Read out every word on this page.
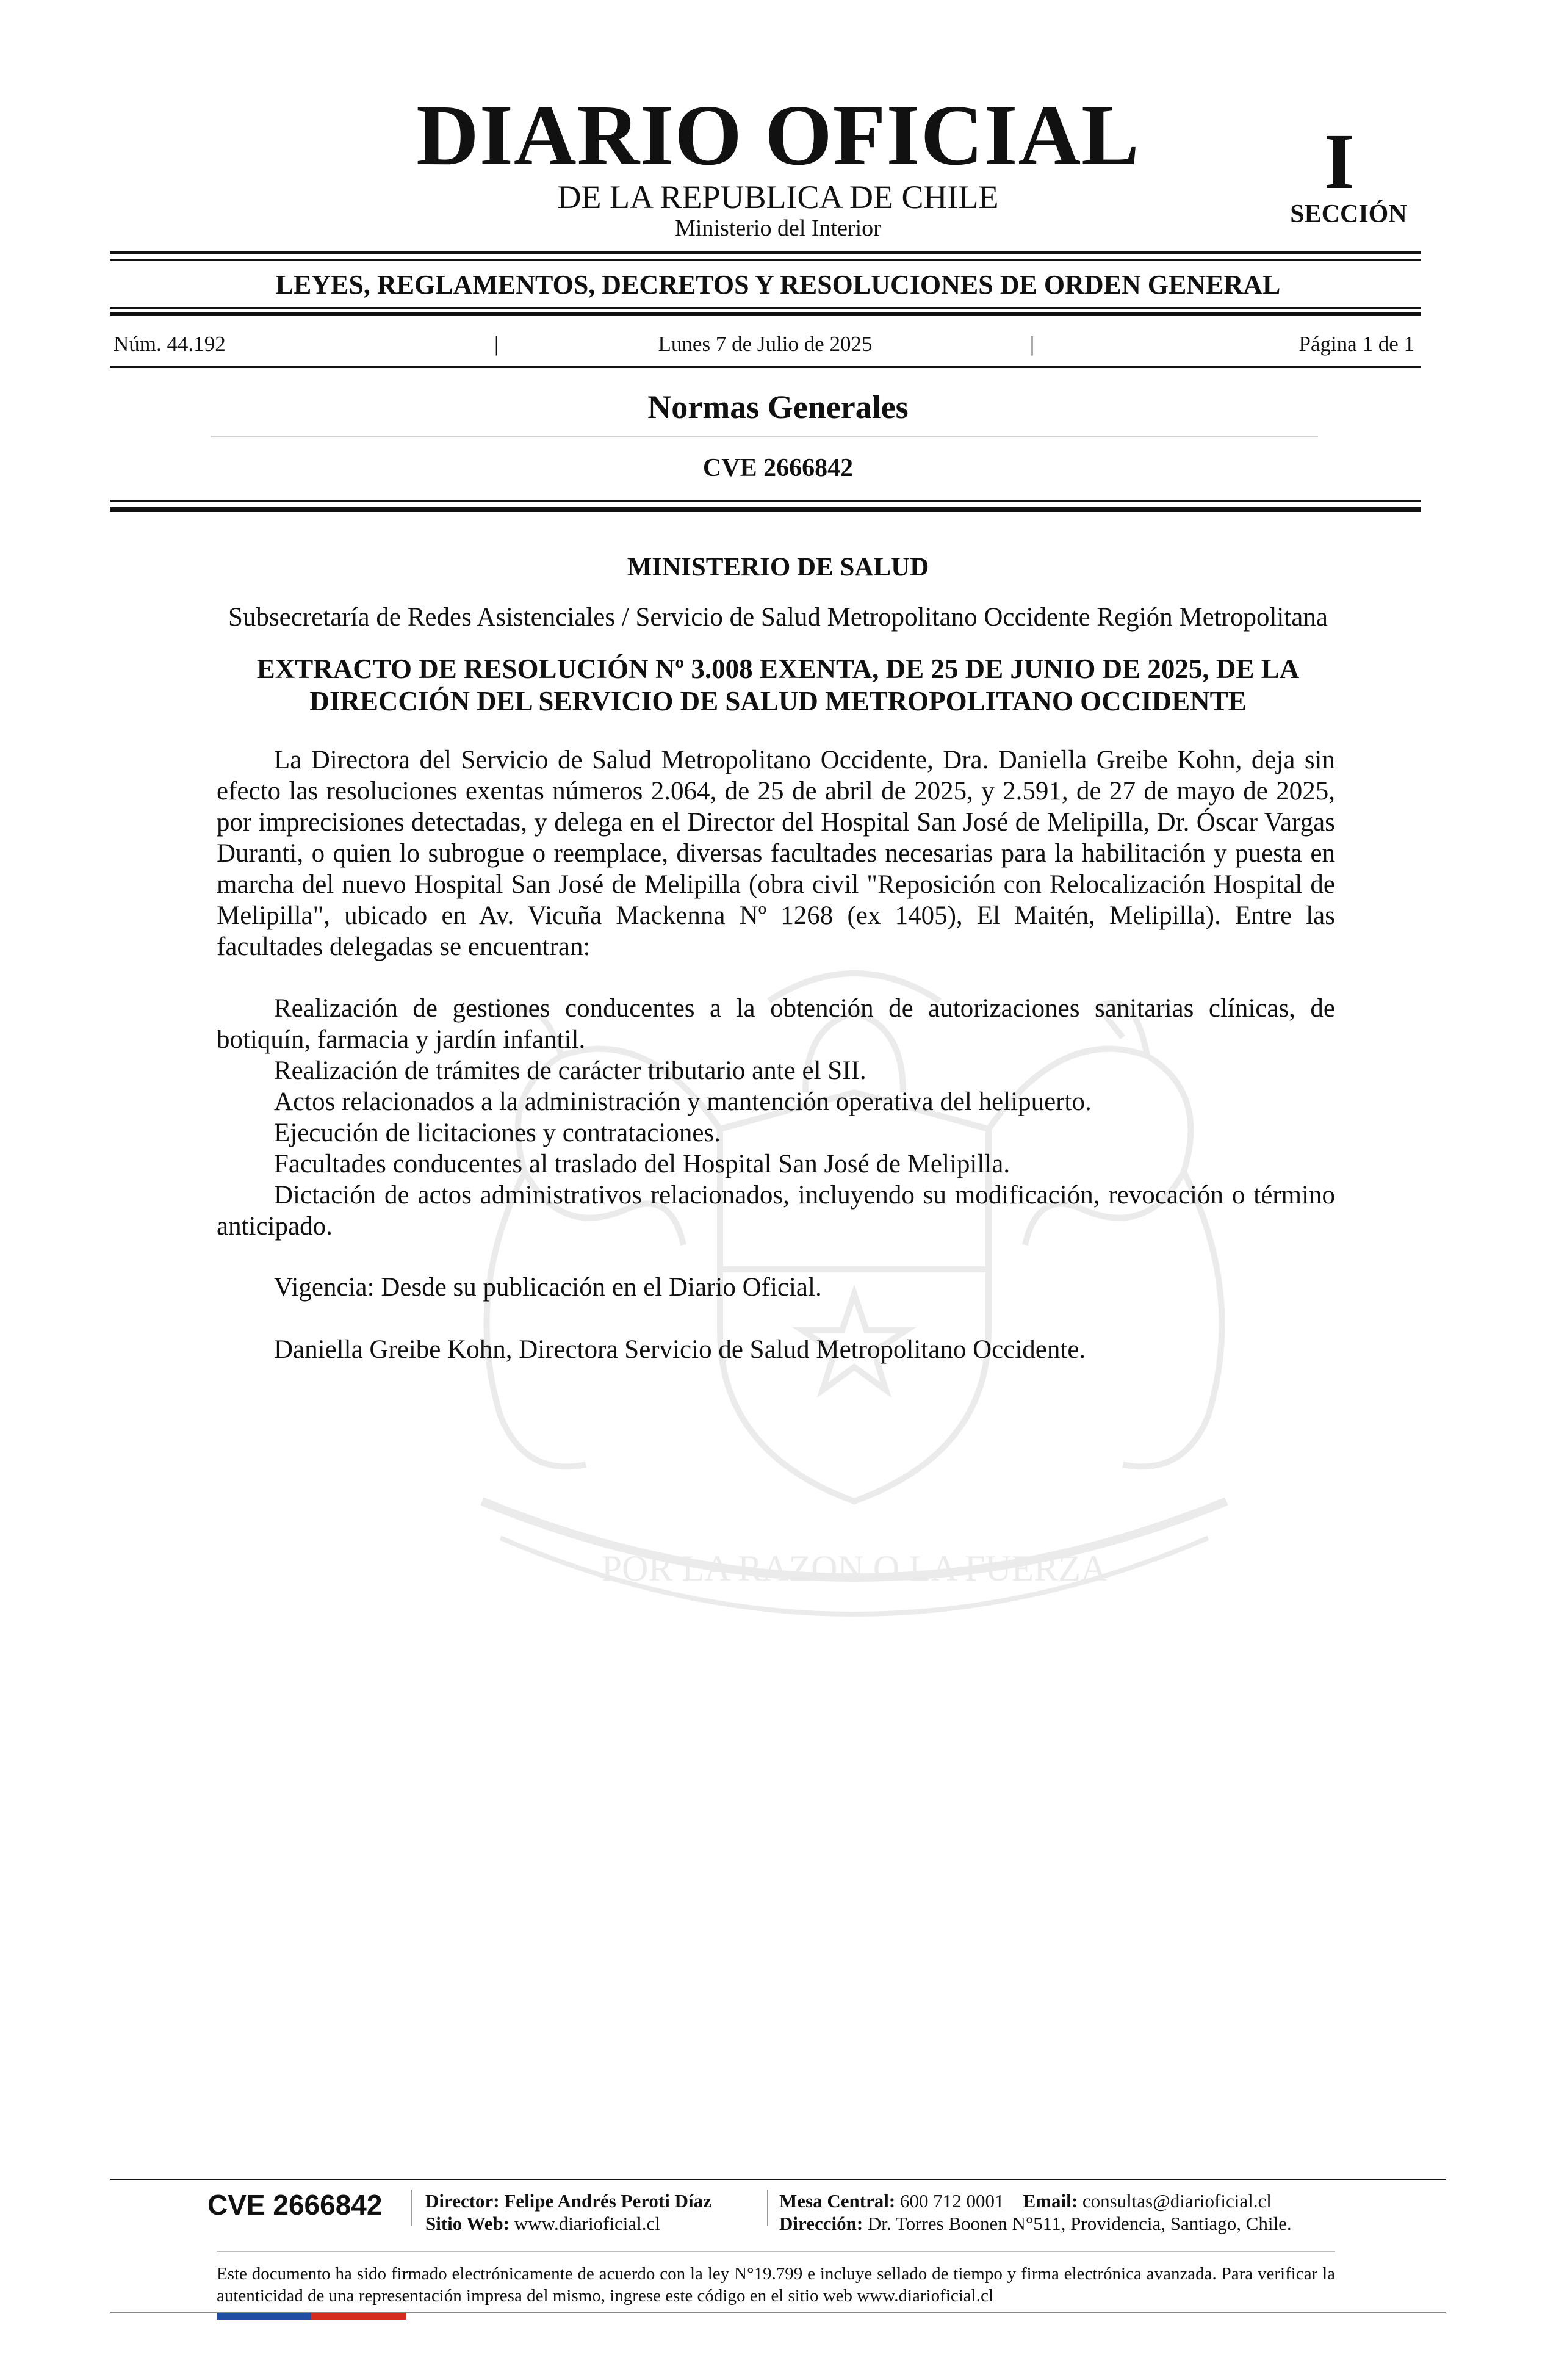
POR LA RAZON O LA FUERZA
DIARIO OFICIAL
DE LA REPUBLICA DE CHILE
Ministerio del Interior
I
SECCIÓN
LEYES, REGLAMENTOS, DECRETOS Y RESOLUCIONES DE ORDEN GENERAL
Núm. 44.192	|	Lunes 7 de Julio de 2025	|	Página 1 de 1
Normas Generales
CVE 2666842
MINISTERIO DE SALUD
Subsecretaría de Redes Asistenciales / Servicio de Salud Metropolitano Occidente Región Metropolitana
EXTRACTO DE RESOLUCIÓN Nº 3.008 EXENTA, DE 25 DE JUNIO DE 2025, DE LA
DIRECCIÓN DEL SERVICIO DE SALUD METROPOLITANO OCCIDENTE

La Directora del Servicio de Salud Metropolitano Occidente, Dra. Daniella Greibe Kohn, deja sin efecto las resoluciones exentas números 2.064, de 25 de abril de 2025, y 2.591, de 27 de mayo de 2025, por imprecisiones detectadas, y delega en el Director del Hospital San José de Melipilla, Dr. Óscar Vargas Duranti, o quien lo subrogue o reemplace, diversas facultades necesarias para la habilitación y puesta en marcha del nuevo Hospital San José de Melipilla (obra civil "Reposición con Relocalización Hospital de Melipilla", ubicado en Av. Vicuña Mackenna Nº 1268 (ex 1405), El Maitén, Melipilla). Entre las facultades delegadas se encuentran:

Realización de gestiones conducentes a la obtención de autorizaciones sanitarias clínicas, de botiquín, farmacia y jardín infantil.

Realización de trámites de carácter tributario ante el SII.

Actos relacionados a la administración y mantención operativa del helipuerto.

Ejecución de licitaciones y contrataciones.

Facultades conducentes al traslado del Hospital San José de Melipilla.

Dictación de actos administrativos relacionados, incluyendo su modificación, revocación o término anticipado.

Vigencia: Desde su publicación en el Diario Oficial.

Daniella Greibe Kohn, Directora Servicio de Salud Metropolitano Occidente.

CVE 2666842 Director: Felipe Andrés Peroti Díaz
Sitio Web: www.diarioficial.cl
Mesa Central: 600 712 0001 Email: consultas@diarioficial.cl
Dirección: Dr. Torres Boonen N°511, Providencia, Santiago, Chile.
Este documento ha sido firmado electrónicamente de acuerdo con la ley N°19.799 e incluye sellado de tiempo y firma electrónica avanzada. Para verificar la autenticidad de una representación impresa del mismo, ingrese este código en el sitio web www.diarioficial.cl
